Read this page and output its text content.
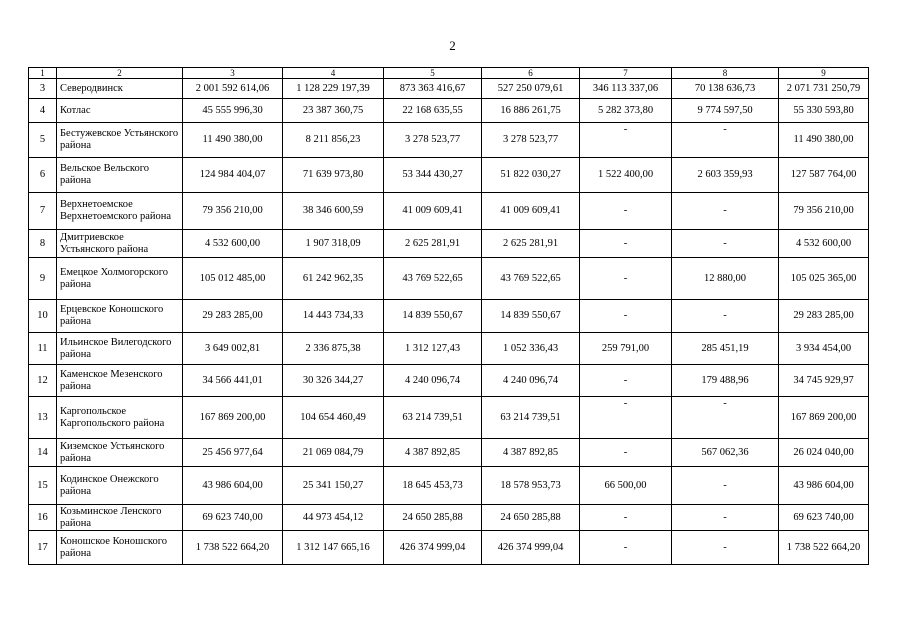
2
1	2	3	4	5	6	7	8	9
3	Северодвинск	2 001 592 614,06	1 128 229 197,39	873 363 416,67	527 250 079,61	346 113 337,06	70 138 636,73	2 071 731 250,79
4	Котлас	45 555 996,30	23 387 360,75	22 168 635,55	16 886 261,75	5 282 373,80	9 774 597,50	55 330 593,80
5	Бестужевское Устьянского района	11 490 380,00	8 211 856,23	3 278 523,77	3 278 523,77	-	-	11 490 380,00
6	Вельское Вельского района	124 984 404,07	71 639 973,80	53 344 430,27	51 822 030,27	1 522 400,00	2 603 359,93	127 587 764,00
7	Верхнетоемское Верхнетоемского района	79 356 210,00	38 346 600,59	41 009 609,41	41 009 609,41	-	-	79 356 210,00
8	Дмитриевское Устьянского района	4 532 600,00	1 907 318,09	2 625 281,91	2 625 281,91	-	-	4 532 600,00
9	Емецкое Холмогорского района	105 012 485,00	61 242 962,35	43 769 522,65	43 769 522,65	-	12 880,00	105 025 365,00
10	Ерцевское Коношского района	29 283 285,00	14 443 734,33	14 839 550,67	14 839 550,67	-	-	29 283 285,00
11	Ильинское Вилегодского района	3 649 002,81	2 336 875,38	1 312 127,43	1 052 336,43	259 791,00	285 451,19	3 934 454,00
12	Каменское Мезенского района	34 566 441,01	30 326 344,27	4 240 096,74	4 240 096,74	-	179 488,96	34 745 929,97
13	Каргопольское Каргопольского района	167 869 200,00	104 654 460,49	63 214 739,51	63 214 739,51	-	-	167 869 200,00
14	Киземское Устьянского района	25 456 977,64	21 069 084,79	4 387 892,85	4 387 892,85	-	567 062,36	26 024 040,00
15	Кодинское Онежского района	43 986 604,00	25 341 150,27	18 645 453,73	18 578 953,73	66 500,00	-	43 986 604,00
16	Козьминское Ленского района	69 623 740,00	44 973 454,12	24 650 285,88	24 650 285,88	-	-	69 623 740,00
17	Коношское Коношского района	1 738 522 664,20	1 312 147 665,16	426 374 999,04	426 374 999,04	-	-	1 738 522 664,20
